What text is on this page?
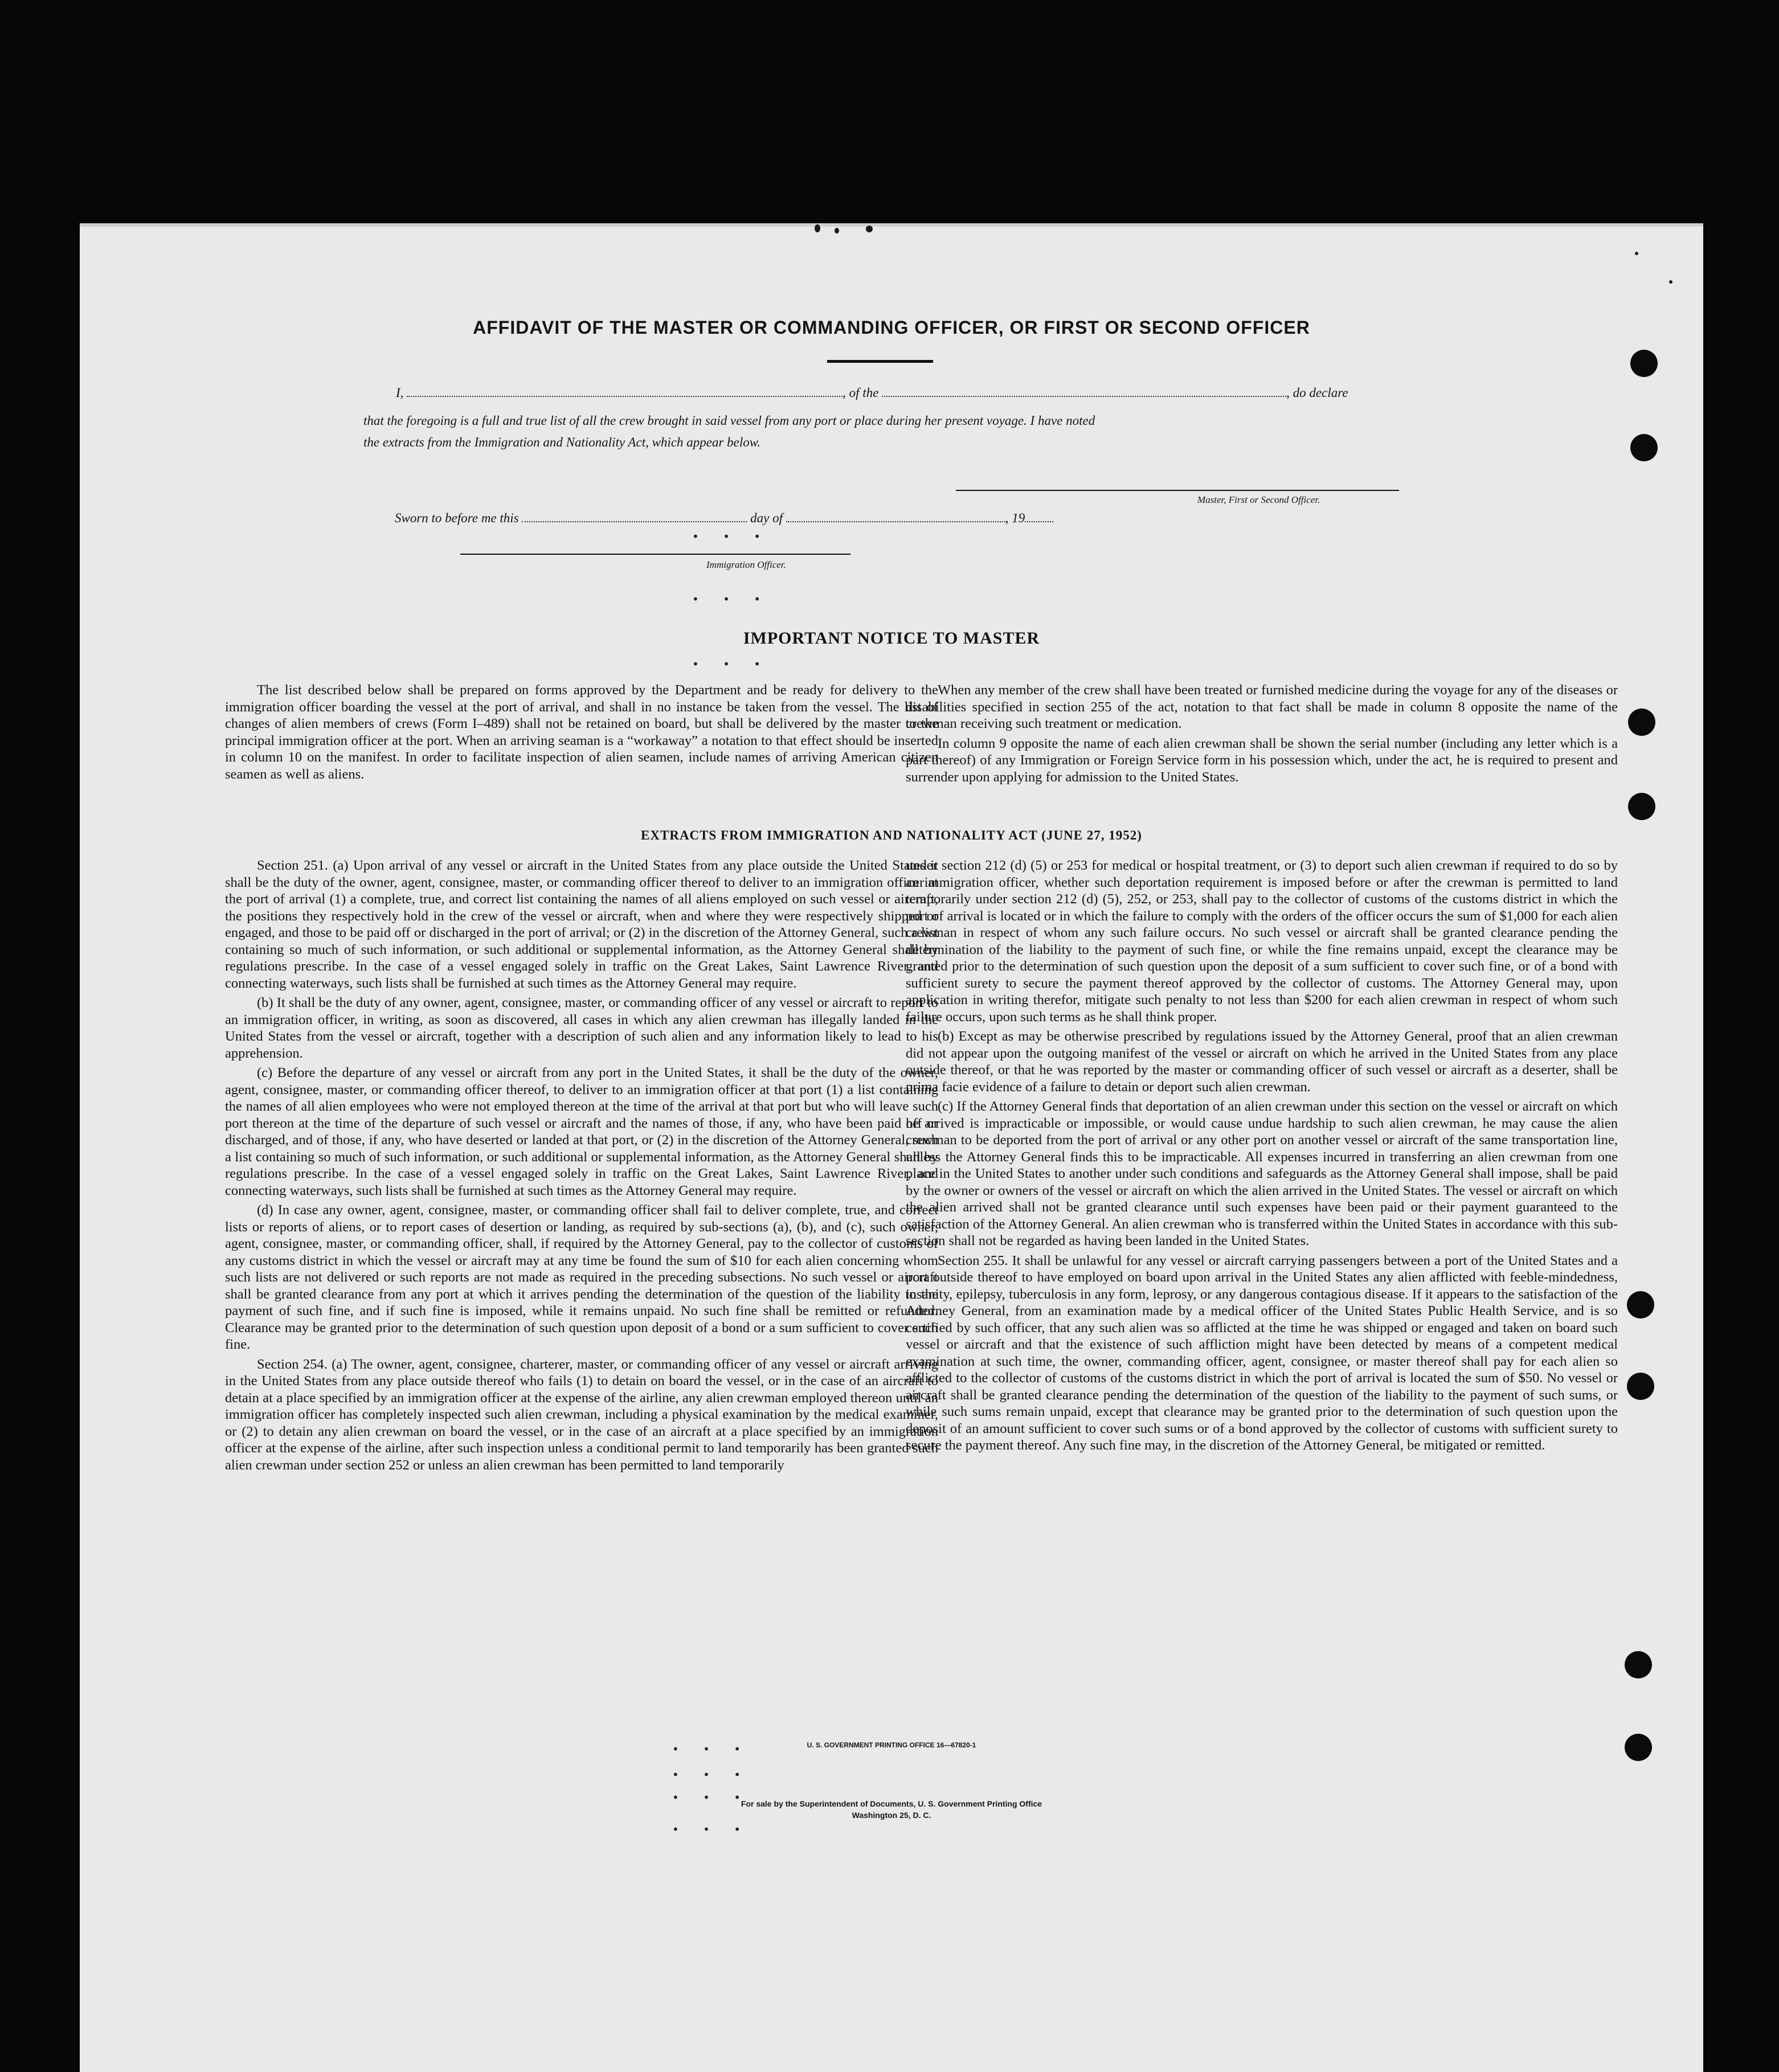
AFFIDAVIT OF THE MASTER OR COMMANDING OFFICER, OR FIRST OR SECOND OFFICER
I,	, of the	, do declare
that the foregoing is a full and true list of all the crew brought in said vessel from any port or place during her present voyage. I have noted
the extracts from the Immigration and Nationality Act, which appear below.
Master, First or Second Officer.
Sworn to before me this	day of	, 19
• • •
Immigration Officer.
• • •
IMPORTANT NOTICE TO MASTER
• • •

The list described below shall be prepared on forms approved by the Department and be ready for delivery to the immigration officer boarding the vessel at the port of arrival, and shall in no instance be taken from the vessel. The list of changes of alien members of crews (Form I–489) shall not be retained on board, but shall be delivered by the master to the principal immigration officer at the port. When an arriving seaman is a “workaway” a notation to that effect should be inserted in column 10 on the manifest. In order to facilitate inspection of alien seamen, include names of arriving American citizen seamen as well as aliens.

When any member of the crew shall have been treated or furnished medicine during the voyage for any of the diseases or disabilities specified in section 255 of the act, notation to that fact shall be made in column 8 opposite the name of the crewman receiving such treatment or medication.

In column 9 opposite the name of each alien crewman shall be shown the serial number (including any letter which is a part thereof) of any Immigration or Foreign Service form in his possession which, under the act, he is required to present and surrender upon applying for admission to the United States.

EXTRACTS FROM IMMIGRATION AND NATIONALITY ACT (JUNE 27, 1952)

Section 251. (a) Upon arrival of any vessel or aircraft in the United States from any place outside the United States it shall be the duty of the owner, agent, consignee, master, or commanding officer thereof to deliver to an immigration officer at the port of arrival (1) a complete, true, and correct list containing the names of all aliens employed on such vessel or aircraft, the positions they respectively hold in the crew of the vessel or aircraft, when and where they were respectively shipped or engaged, and those to be paid off or discharged in the port of arrival; or (2) in the discretion of the Attorney General, such a list containing so much of such information, or such additional or supplemental information, as the Attorney General shall by regulations prescribe. In the case of a vessel engaged solely in traffic on the Great Lakes, Saint Lawrence River, and connecting waterways, such lists shall be furnished at such times as the Attorney General may require.

(b) It shall be the duty of any owner, agent, consignee, master, or commanding officer of any vessel or aircraft to report to an immigration officer, in writing, as soon as discovered, all cases in which any alien crewman has illegally landed in the United States from the vessel or aircraft, together with a description of such alien and any information likely to lead to his apprehension.

(c) Before the departure of any vessel or aircraft from any port in the United States, it shall be the duty of the owner, agent, consignee, master, or commanding officer thereof, to deliver to an immigration officer at that port (1) a list containing the names of all alien employees who were not employed thereon at the time of the arrival at that port but who will leave such port thereon at the time of the departure of such vessel or aircraft and the names of those, if any, who have been paid off or discharged, and of those, if any, who have deserted or landed at that port, or (2) in the discretion of the Attorney General, such a list containing so much of such information, or such additional or supplemental information, as the Attorney General shall by regulations prescribe. In the case of a vessel engaged solely in traffic on the Great Lakes, Saint Lawrence River, and connecting waterways, such lists shall be furnished at such times as the Attorney General may require.

(d) In case any owner, agent, consignee, master, or commanding officer shall fail to deliver complete, true, and correct lists or reports of aliens, or to report cases of desertion or landing, as required by sub-sections (a), (b), and (c), such owner, agent, consignee, master, or commanding officer, shall, if required by the Attorney General, pay to the collector of customs of any customs district in which the vessel or aircraft may at any time be found the sum of $10 for each alien concerning whom such lists are not delivered or such reports are not made as required in the preceding subsections. No such vessel or aircraft shall be granted clearance from any port at which it arrives pending the determination of the question of the liability to the payment of such fine, and if such fine is imposed, while it remains unpaid. No such fine shall be remitted or refunded. Clearance may be granted prior to the determination of such question upon deposit of a bond or a sum sufficient to cover such fine.

Section 254. (a) The owner, agent, consignee, charterer, master, or commanding officer of any vessel or aircraft arriving in the United States from any place outside thereof who fails (1) to detain on board the vessel, or in the case of an aircraft to detain at a place specified by an immigration officer at the expense of the airline, any alien crewman employed thereon until an immigration officer has completely inspected such alien crewman, including a physical examination by the medical examiner, or (2) to detain any alien crewman on board the vessel, or in the case of an aircraft at a place specified by an immigration officer at the expense of the airline, after such inspection unless a conditional permit to land temporarily has been granted such alien crewman under section 252 or unless an alien crewman has been permitted to land temporarily

under section 212 (d) (5) or 253 for medical or hospital treatment, or (3) to deport such alien crewman if required to do so by an immigration officer, whether such deportation requirement is imposed before or after the crewman is permitted to land temporarily under section 212 (d) (5), 252, or 253, shall pay to the collector of customs of the customs district in which the port of arrival is located or in which the failure to comply with the orders of the officer occurs the sum of $1,000 for each alien crewman in respect of whom any such failure occurs. No such vessel or aircraft shall be granted clearance pending the determination of the liability to the payment of such fine, or while the fine remains unpaid, except the clearance may be granted prior to the determination of such question upon the deposit of a sum sufficient to cover such fine, or of a bond with sufficient surety to secure the payment thereof approved by the collector of customs. The Attorney General may, upon application in writing therefor, mitigate such penalty to not less than $200 for each alien crewman in respect of whom such failure occurs, upon such terms as he shall think proper.

(b) Except as may be otherwise prescribed by regulations issued by the Attorney General, proof that an alien crewman did not appear upon the outgoing manifest of the vessel or aircraft on which he arrived in the United States from any place outside thereof, or that he was reported by the master or commanding officer of such vessel or aircraft as a deserter, shall be prima facie evidence of a failure to detain or deport such alien crewman.

(c) If the Attorney General finds that deportation of an alien crewman under this section on the vessel or aircraft on which he arrived is impracticable or impossible, or would cause undue hardship to such alien crewman, he may cause the alien crewman to be deported from the port of arrival or any other port on another vessel or aircraft of the same transportation line, unless the Attorney General finds this to be impracticable. All expenses incurred in transferring an alien crewman from one place in the United States to another under such conditions and safeguards as the Attorney General shall impose, shall be paid by the owner or owners of the vessel or aircraft on which the alien arrived in the United States. The vessel or aircraft on which the alien arrived shall not be granted clearance until such expenses have been paid or their payment guaranteed to the satisfaction of the Attorney General. An alien crewman who is transferred within the United States in accordance with this sub-section shall not be regarded as having been landed in the United States.

Section 255. It shall be unlawful for any vessel or aircraft carrying passengers between a port of the United States and a port outside thereof to have employed on board upon arrival in the United States any alien afflicted with feeble-mindedness, insanity, epilepsy, tuberculosis in any form, leprosy, or any dangerous contagious disease. If it appears to the satisfaction of the Attorney General, from an examination made by a medical officer of the United States Public Health Service, and is so certified by such officer, that any such alien was so afflicted at the time he was shipped or engaged and taken on board such vessel or aircraft and that the existence of such affliction might have been detected by means of a competent medical examination at such time, the owner, commanding officer, agent, consignee, or master thereof shall pay for each alien so afflicted to the collector of customs of the customs district in which the port of arrival is located the sum of $50. No vessel or aircraft shall be granted clearance pending the determination of the question of the liability to the payment of such sums, or while such sums remain unpaid, except that clearance may be granted prior to the determination of such question upon the deposit of an amount sufficient to cover such sums or of a bond approved by the collector of customs with sufficient surety to secure the payment thereof. Any such fine may, in the discretion of the Attorney General, be mitigated or remitted.

• • •	U. S. GOVERNMENT PRINTING OFFICE 16—67820-1
• • •
• • •
For sale by the Superintendent of Documents, U. S. Government Printing Office
Washington 25, D. C.
• • •
